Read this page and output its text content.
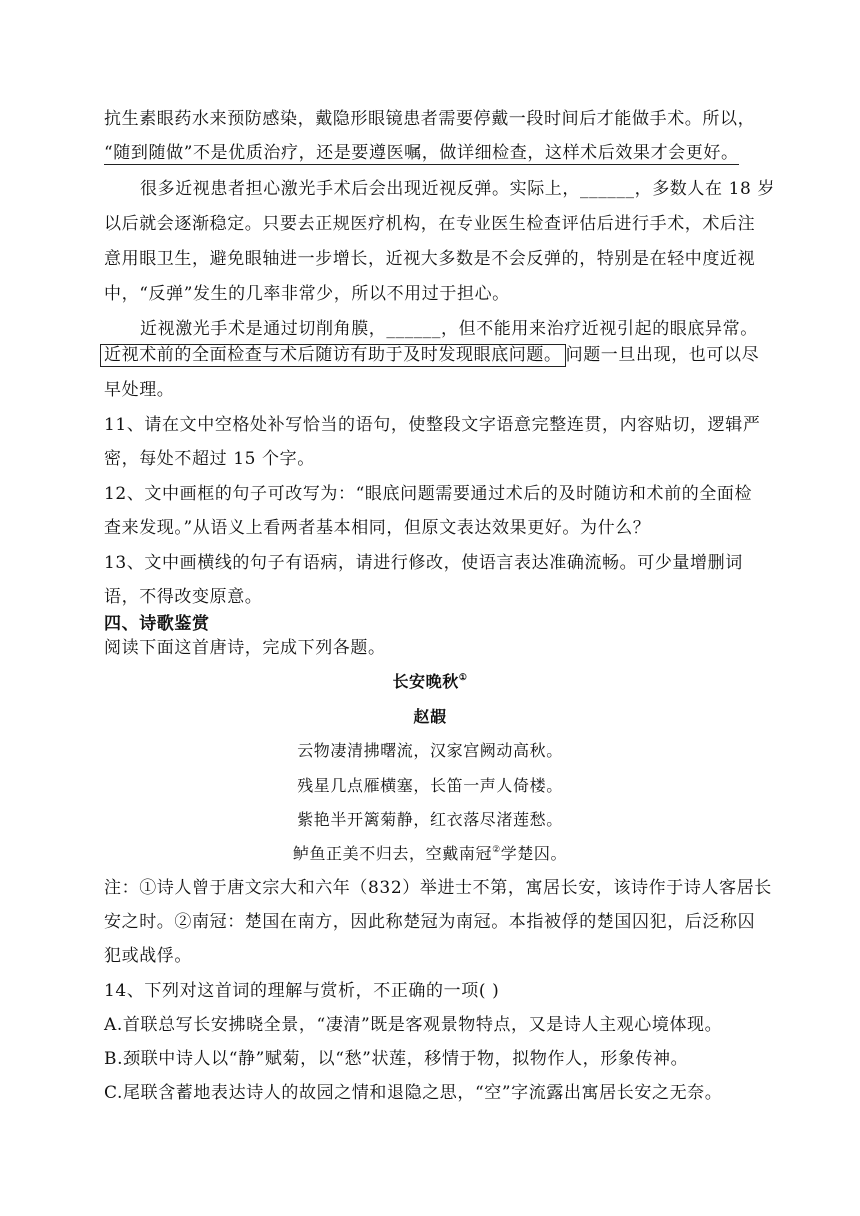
抗生素眼药水来预防感染，戴隐形眼镜患者需要停戴一段时间后才能做手术。所以，
“随到随做”不是优质治疗，还是要遵医嘱，做详细检查，这样术后效果才会更好。
很多近视患者担心激光手术后会出现近视反弹。实际上，______，多数人在 18 岁
以后就会逐渐稳定。只要去正规医疗机构，在专业医生检查评估后进行手术，术后注
意用眼卫生，避免眼轴进一步增长，近视大多数是不会反弹的，特别是在轻中度近视
中，“反弹”发生的几率非常少，所以不用过于担心。
近视激光手术是通过切削角膜，______，但不能用来治疗近视引起的眼底异常。
近视术前的全面检查与术后随访有助于及时发现眼底问题。 问题一旦出现，也可以尽
早处理。
11、请在文中空格处补写恰当的语句，使整段文字语意完整连贯，内容贴切，逻辑严
密，每处不超过 15 个字。
12、文中画框的句子可改写为：“眼底问题需要通过术后的及时随访和术前的全面检
查来发现。”从语义上看两者基本相同，但原文表达效果更好。为什么？
13、文中画横线的句子有语病，请进行修改，使语言表达准确流畅。可少量增删词
语，不得改变原意。
四、诗歌鉴赏
阅读下面这首唐诗，完成下列各题。
长安晚秋①
赵嘏
云物凄清拂曙流，汉家宫阙动高秋。
残星几点雁横塞，长笛一声人倚楼。
紫艳半开篱菊静，红衣落尽渚莲愁。
鲈鱼正美不归去，空戴南冠②学楚囚。
注：①诗人曾于唐文宗大和六年（832）举进士不第，寓居长安，该诗作于诗人客居长
安之时。②南冠：楚国在南方，因此称楚冠为南冠。本指被俘的楚国囚犯，后泛称囚
犯或战俘。
14、下列对这首词的理解与赏析，不正确的一项( )
A.首联总写长安拂晓全景，“凄清”既是客观景物特点，又是诗人主观心境体现。
B.颈联中诗人以“静”赋菊，以“愁”状莲，移情于物，拟物作人，形象传神。
C.尾联含蓄地表达诗人的故园之情和退隐之思，“空”字流露出寓居长安之无奈。
